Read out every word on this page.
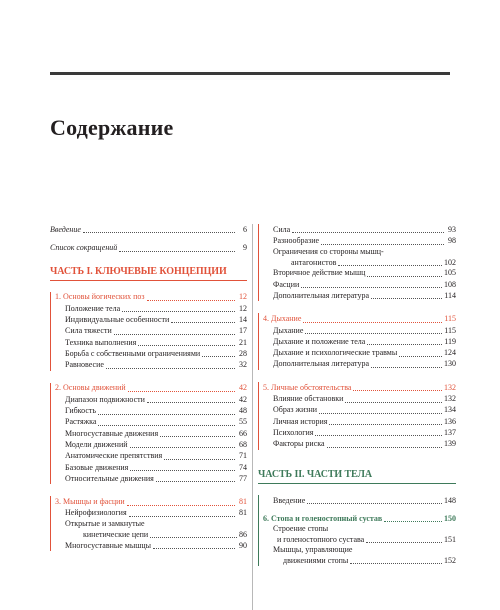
Содержание
Введение	6
Список сокращений	9
ЧАСТЬ I. КЛЮЧЕВЫЕ КОНЦЕПЦИИ
1. Основы йогических поз	12
Положение тела	12
Индивидуальные особенности	14
Сила тяжести	17
Техника выполнения	21
Борьба с собственными ограничениями	28
Равновесие	32
2. Основы движений	42
Диапазон подвижности	42
Гибкость	48
Растяжка	55
Многосуставные движения	66
Модели движений	68
Анатомические препятствия	71
Базовые движения	74
Относительные движения	77
3. Мышцы и фасции	81
Нейрофизиология	81
Открытые и замкнутые
кинетические цепи	86
Многосуставные мышцы	90
Сила	93
Разнообразие	98
Ограничения со стороны мышц-
антагонистов	102
Вторичное действие мышц	105
Фасции	108
Дополнительная литература	114
4. Дыхание	115
Дыхание	115
Дыхание и положение тела	119
Дыхание и психологические травмы	124
Дополнительная литература	130
5. Личные обстоятельства	132
Влияние обстановки	132
Образ жизни	134
Личная история	136
Психология	137
Факторы риска	139
ЧАСТЬ II. ЧАСТИ ТЕЛА
Введение	148
6. Стопа и голеностопный сустав	150
Строение стопы
и голеностопного сустава	151
Мышцы, управляющие
движениями стопы	152
